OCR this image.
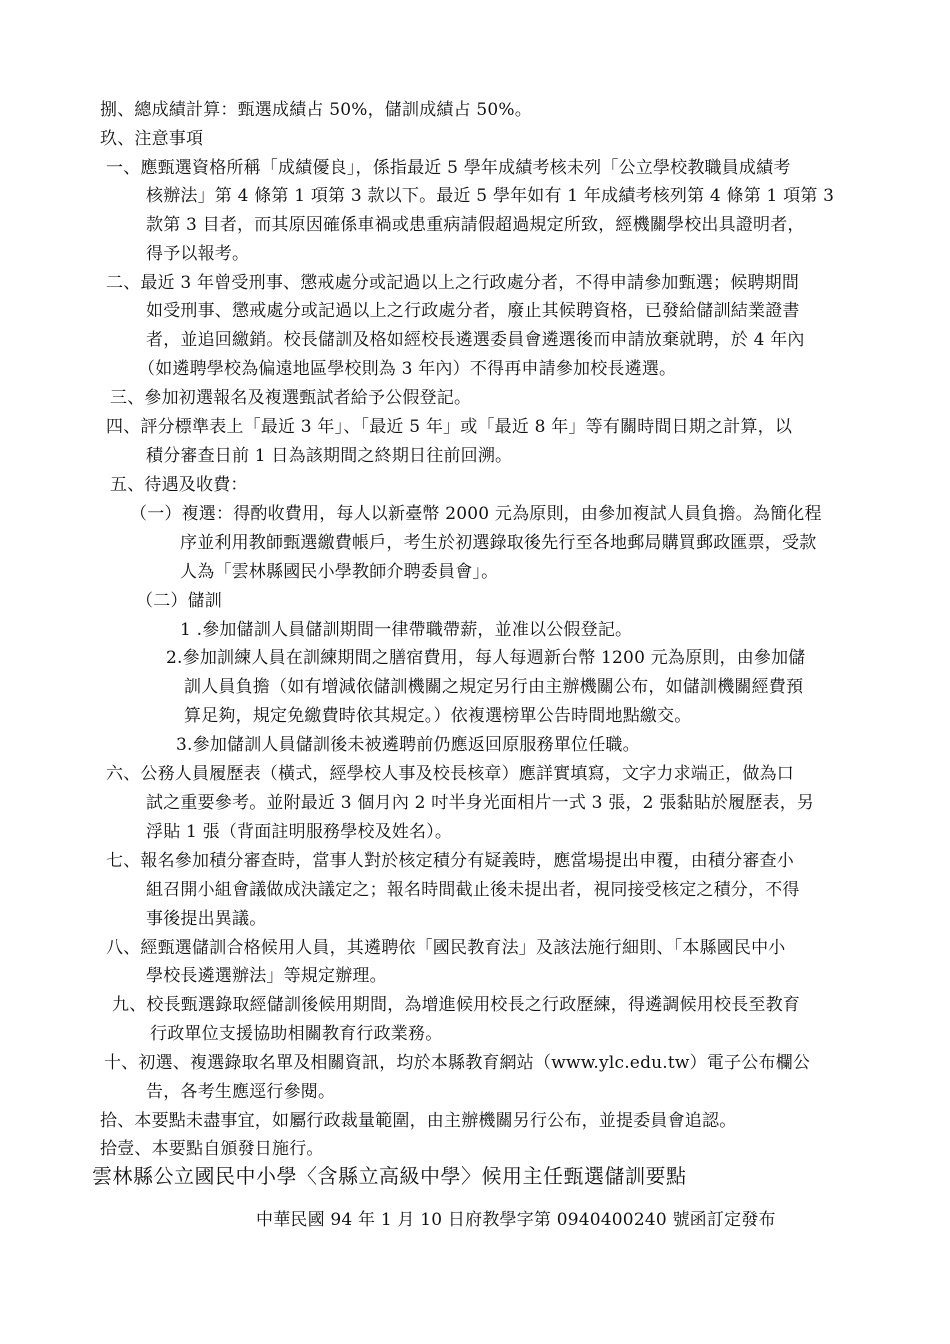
捌、總成績計算：甄選成績占 50%，儲訓成績占 50%。
玖、注意事項
一、應甄選資格所稱「成績優良」，係指最近 5 學年成績考核未列「公立學校教職員成績考
核辦法」第 4 條第 1 項第 3 款以下。最近 5 學年如有 1 年成績考核列第 4 條第 1 項第 3
款第 3 目者，而其原因確係車禍或患重病請假超過規定所致，經機關學校出具證明者，
得予以報考。
二、最近 3 年曾受刑事、懲戒處分或記過以上之行政處分者，不得申請參加甄選；候聘期間
如受刑事、懲戒處分或記過以上之行政處分者，廢止其候聘資格，已發給儲訓結業證書
者，並追回繳銷。校長儲訓及格如經校長遴選委員會遴選後而申請放棄就聘，於 4 年內
（如遴聘學校為偏遠地區學校則為 3 年內）不得再申請參加校長遴選。
三、參加初選報名及複選甄試者給予公假登記。
四、評分標準表上「最近 3 年」、「最近 5 年」或「最近 8 年」等有關時間日期之計算，以
積分審查日前 1 日為該期間之終期日往前回溯。
五、待遇及收費：
（一）複選：得酌收費用，每人以新臺幣 2000 元為原則，由參加複試人員負擔。為簡化程
序並利用教師甄選繳費帳戶，考生於初選錄取後先行至各地郵局購買郵政匯票，受款
人為「雲林縣國民小學教師介聘委員會」。
（二）儲訓
1 .參加儲訓人員儲訓期間一律帶職帶薪，並准以公假登記。
2.參加訓練人員在訓練期間之膳宿費用，每人每週新台幣 1200 元為原則，由參加儲
訓人員負擔（如有增減依儲訓機關之規定另行由主辦機關公布，如儲訓機關經費預
算足夠，規定免繳費時依其規定。）依複選榜單公告時間地點繳交。
3.參加儲訓人員儲訓後未被遴聘前仍應返回原服務單位任職。
六、公務人員履歷表（橫式，經學校人事及校長核章）應詳實填寫，文字力求端正，做為口
試之重要參考。並附最近 3 個月內 2 吋半身光面相片一式 3 張，2 張黏貼於履歷表，另
浮貼 1 張（背面註明服務學校及姓名）。
七、報名參加積分審查時，當事人對於核定積分有疑義時，應當場提出申覆，由積分審查小
組召開小組會議做成決議定之；報名時間截止後未提出者，視同接受核定之積分，不得
事後提出異議。
八、經甄選儲訓合格候用人員，其遴聘依「國民教育法」及該法施行細則、「本縣國民中小
學校長遴選辦法」等規定辦理。
九、校長甄選錄取經儲訓後候用期間，為增進候用校長之行政歷練，得遴調候用校長至教育
行政單位支援協助相關教育行政業務。
十、初選、複選錄取名單及相關資訊，均於本縣教育網站（www.ylc.edu.tw）電子公布欄公
告，各考生應逕行參閱。
拾、本要點未盡事宜，如屬行政裁量範圍，由主辦機關另行公布，並提委員會追認。
拾壹、本要點自頒發日施行。
雲林縣公立國民中小學〈含縣立高級中學〉候用主任甄選儲訓要點
中華民國 94 年 1 月 10 日府教學字第 0940400240 號函訂定發布
